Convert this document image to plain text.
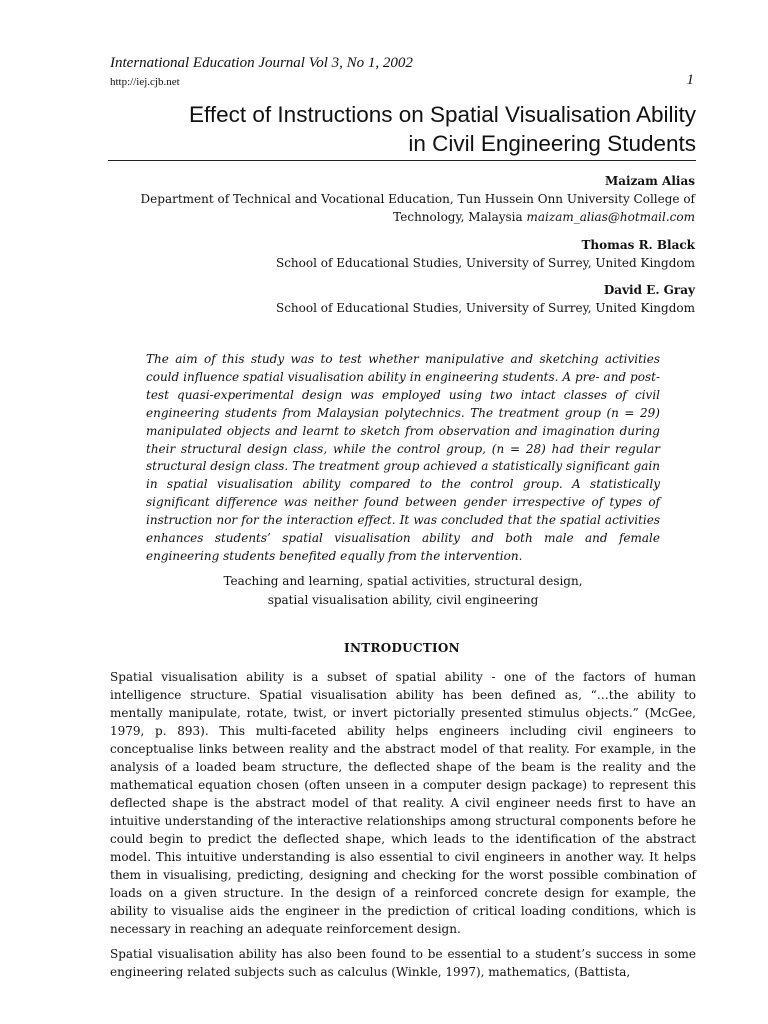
International Education Journal Vol 3, No 1, 2002
http://iej.cjb.net	1
Effect of Instructions on Spatial Visualisation Ability
in Civil Engineering Students
Maizam Alias
Department of Technical and Vocational Education, Tun Hussein Onn University College of Technology, Malaysia maizam_alias@hotmail.com
Thomas R. Black
School of Educational Studies, University of Surrey, United Kingdom
David E. Gray
School of Educational Studies, University of Surrey, United Kingdom
The aim of this study was to test whether manipulative and sketching activities could influence spatial visualisation ability in engineering students. A pre- and post-test quasi-experimental design was employed using two intact classes of civil engineering students from Malaysian polytechnics. The treatment group (n = 29) manipulated objects and learnt to sketch from observation and imagination during their structural design class, while the control group, (n = 28) had their regular structural design class. The treatment group achieved a statistically significant gain in spatial visualisation ability compared to the control group. A statistically significant difference was neither found between gender irrespective of types of instruction nor for the interaction effect. It was concluded that the spatial activities enhances students’ spatial visualisation ability and both male and female engineering students benefited equally from the intervention.
Teaching and learning, spatial activities, structural design,
spatial visualisation ability, civil engineering
INTRODUCTION
Spatial visualisation ability is a subset of spatial ability - one of the factors of human intelligence structure. Spatial visualisation ability has been defined as, “…the ability to mentally manipulate, rotate, twist, or invert pictorially presented stimulus objects.” (McGee, 1979, p. 893). This multi-faceted ability helps engineers including civil engineers to conceptualise links between reality and the abstract model of that reality. For example, in the analysis of a loaded beam structure, the deflected shape of the beam is the reality and the mathematical equation chosen (often unseen in a computer design package) to represent this deflected shape is the abstract model of that reality. A civil engineer needs first to have an intuitive understanding of the interactive relationships among structural components before he could begin to predict the deflected shape, which leads to the identification of the abstract model. This intuitive understanding is also essential to civil engineers in another way. It helps them in visualising, predicting, designing and checking for the worst possible combination of loads on a given structure. In the design of a reinforced concrete design for example, the ability to visualise aids the engineer in the prediction of critical loading conditions, which is necessary in reaching an adequate reinforcement design.
Spatial visualisation ability has also been found to be essential to a student’s success in some engineering related subjects such as calculus (Winkle, 1997), mathematics, (Battista,
